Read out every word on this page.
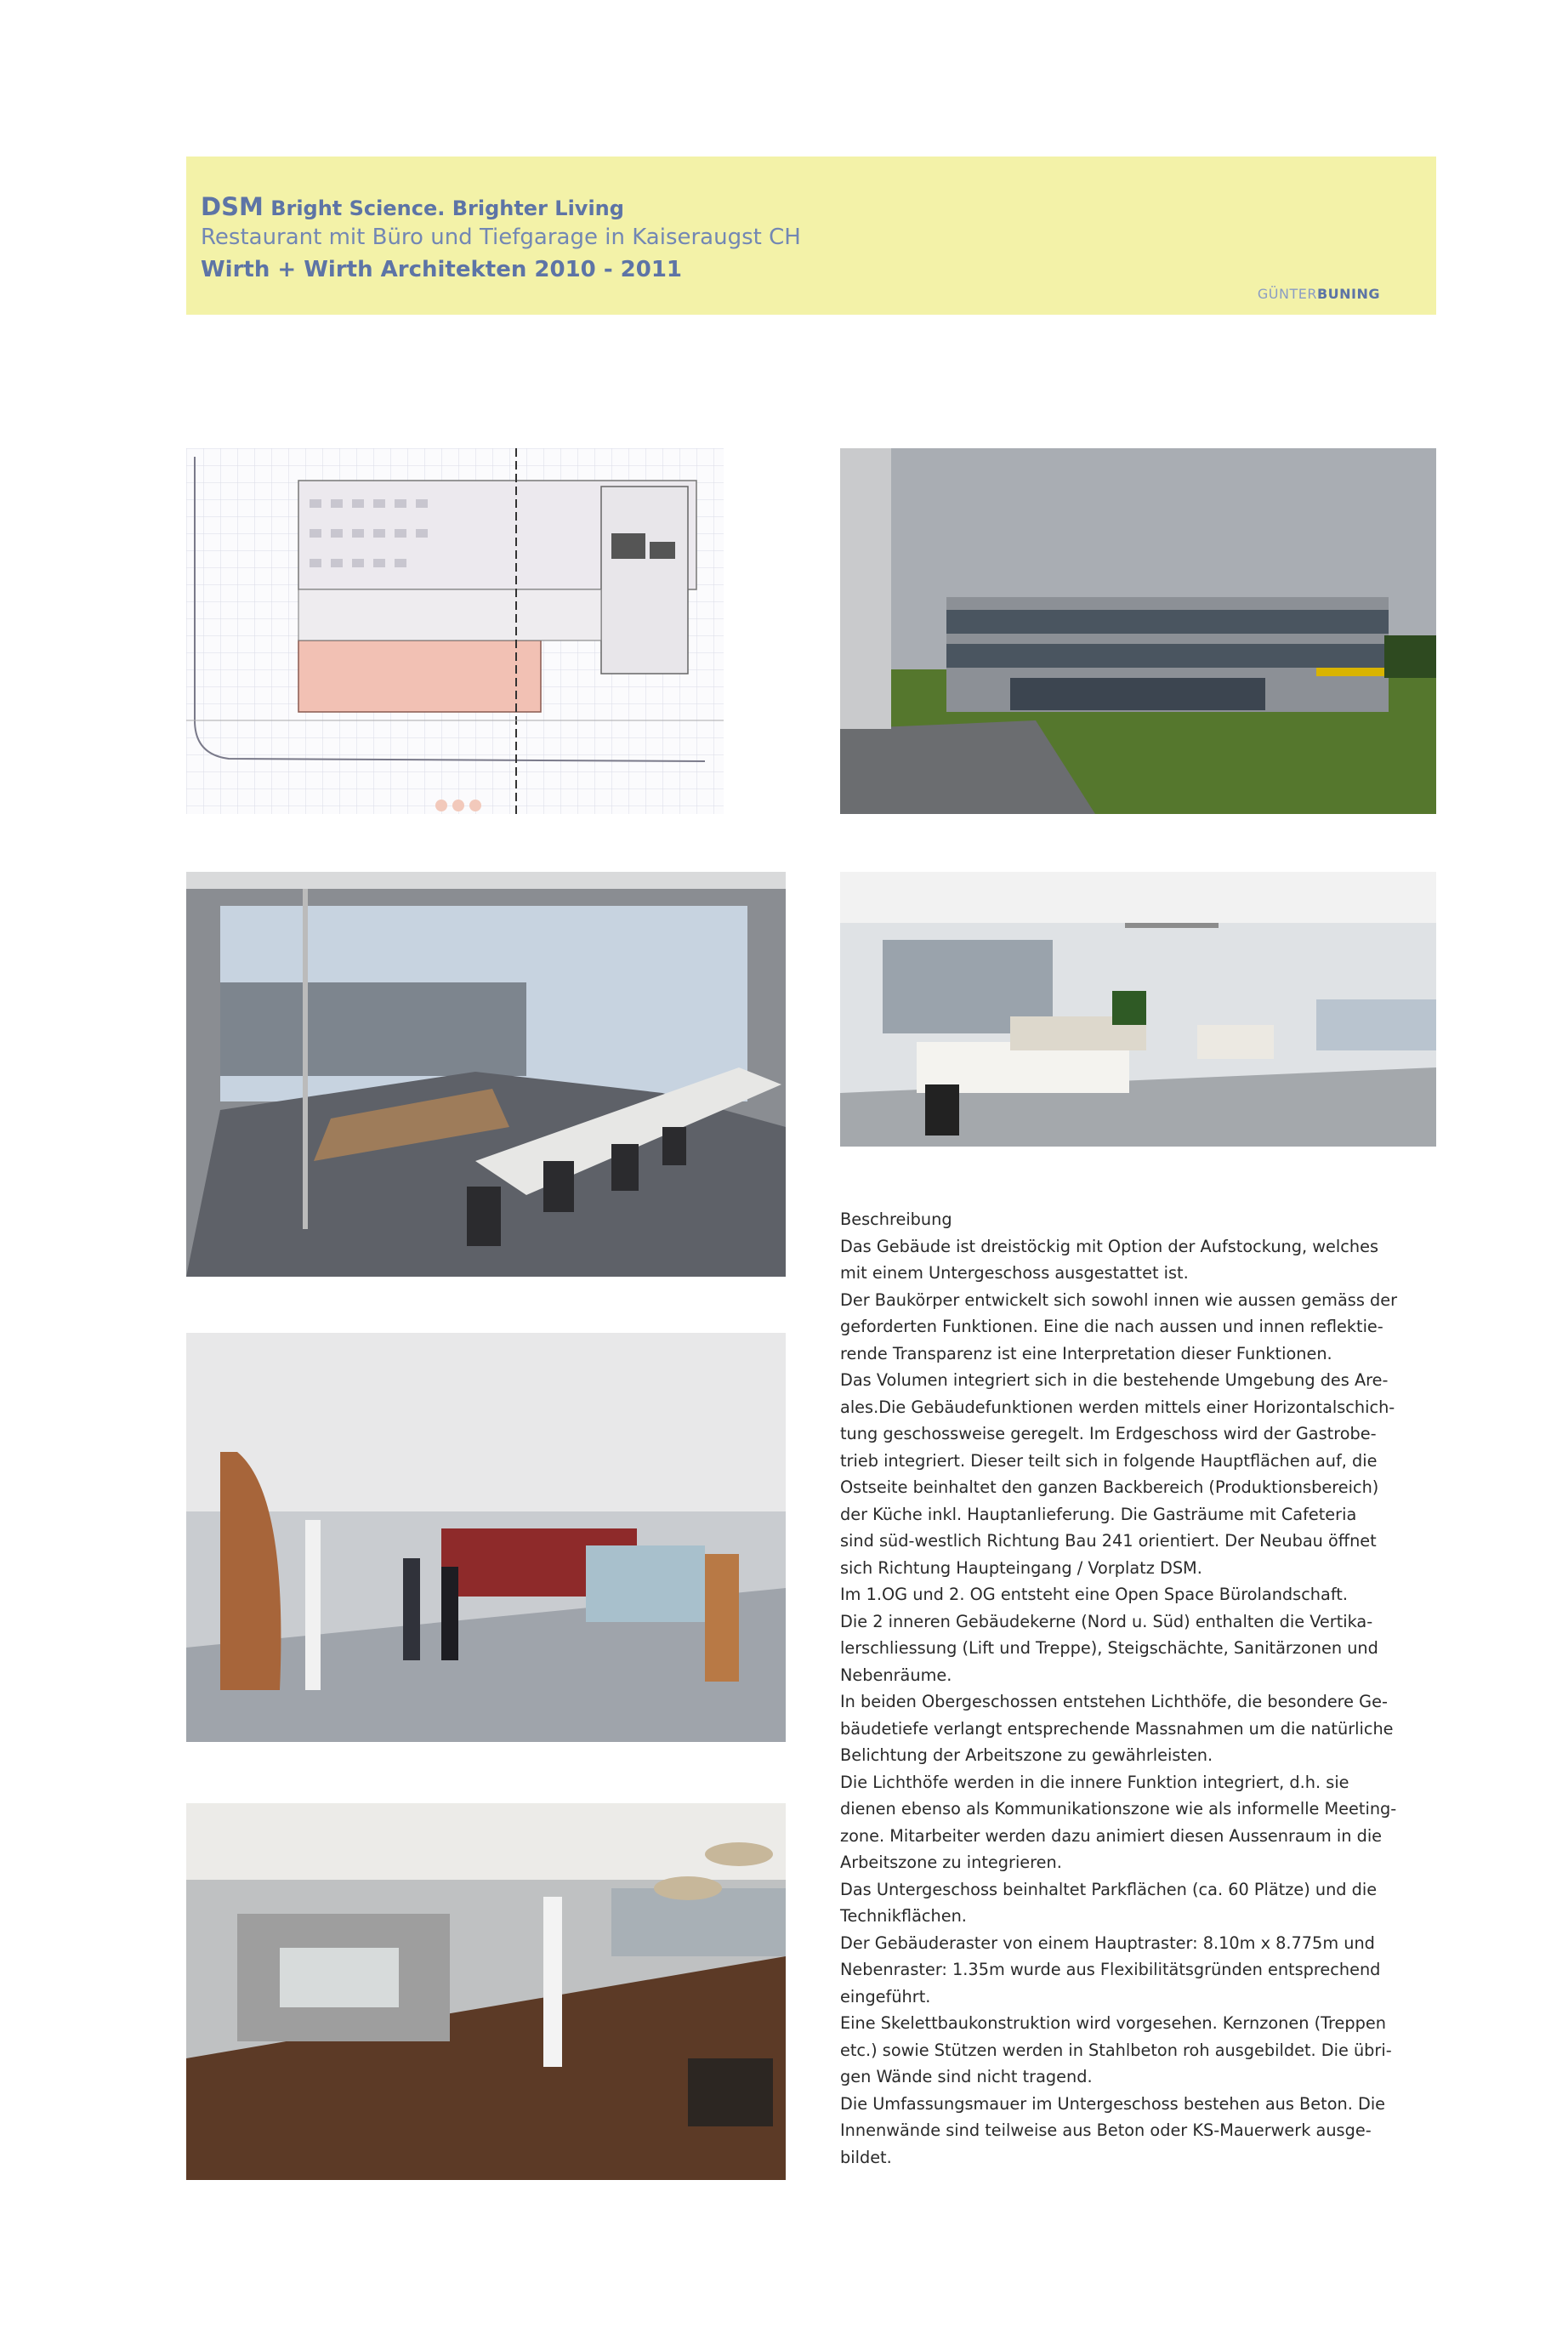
DSM Bright Science. Brighter Living
Restaurant mit Büro und Tiefgarage in Kaiseraugst CH
Wirth + Wirth Architekten 2010 - 2011
GÜNTERBUNING
Beschreibung
Das Gebäude ist dreistöckig mit Option der Aufstockung, welches
mit einem Untergeschoss ausgestattet ist.
Der Baukörper entwickelt sich sowohl innen wie aussen gemäss der
geforderten Funktionen. Eine die nach aussen und innen reflektie-
rende Transparenz ist eine Interpretation dieser Funktionen.
Das Volumen integriert sich in die bestehende Umgebung des Are-
ales.Die Gebäudefunktionen werden mittels einer Horizontalschich-
tung geschossweise geregelt. Im Erdgeschoss wird der Gastrobe-
trieb integriert. Dieser teilt sich in folgende Hauptflächen auf, die
Ostseite beinhaltet den ganzen Backbereich (Produktionsbereich)
der Küche inkl. Hauptanlieferung. Die Gasträume mit Cafeteria
sind süd-westlich Richtung Bau 241 orientiert. Der Neubau öffnet
sich Richtung Haupteingang / Vorplatz DSM.
Im 1.OG und 2. OG entsteht eine Open Space Bürolandschaft.
Die 2 inneren Gebäudekerne (Nord u. Süd) enthalten die Vertika-
lerschliessung (Lift und Treppe), Steigschächte, Sanitärzonen und
Nebenräume.
In beiden Obergeschossen entstehen Lichthöfe, die besondere Ge-
bäudetiefe verlangt entsprechende Massnahmen um die natürliche
Belichtung der Arbeitszone zu gewährleisten.
Die Lichthöfe werden in die innere Funktion integriert, d.h. sie
dienen ebenso als Kommunikationszone wie als informelle Meeting-
zone. Mitarbeiter werden dazu animiert diesen Aussenraum in die
Arbeitszone zu integrieren.
Das Untergeschoss beinhaltet Parkflächen (ca. 60 Plätze) und die
Technikflächen.
Der Gebäuderaster von einem Hauptraster: 8.10m x 8.775m und
Nebenraster: 1.35m wurde aus Flexibilitätsgründen entsprechend
eingeführt.
Eine Skelettbaukonstruktion wird vorgesehen. Kernzonen (Treppen
etc.) sowie Stützen werden in Stahlbeton roh ausgebildet. Die übri-
gen Wände sind nicht tragend.
Die Umfassungsmauer im Untergeschoss bestehen aus Beton. Die
Innenwände sind teilweise aus Beton oder KS-Mauerwerk ausge-
bildet.
